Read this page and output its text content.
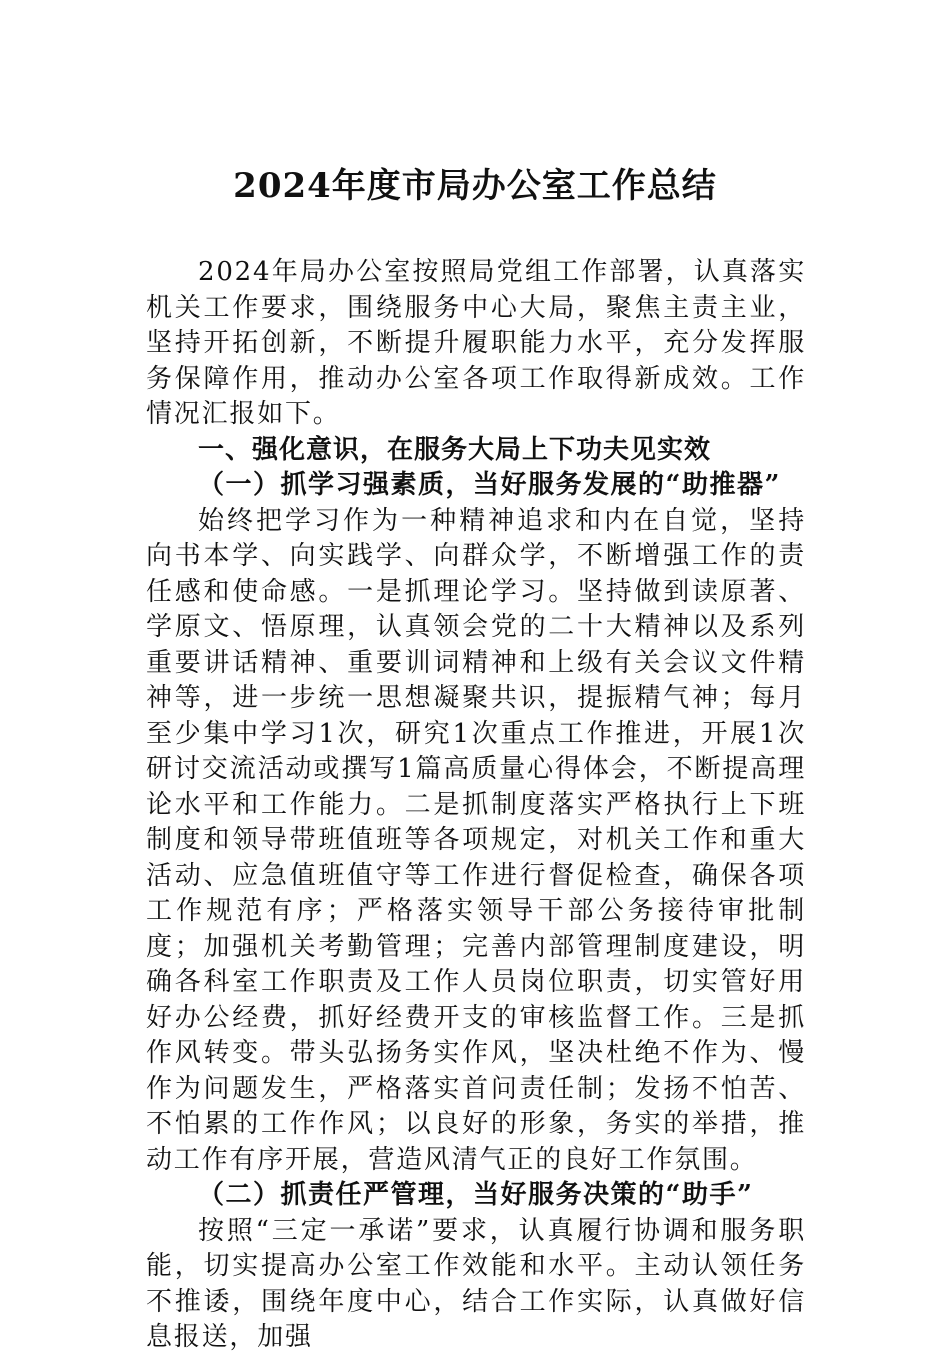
2024年度市局办公室工作总结

2024年局办公室按照局党组工作部署，认真落实机关工作要求，围绕服务中心大局，聚焦主责主业，坚持开拓创新，不断提升履职能力水平，充分发挥服务保障作用，推动办公室各项工作取得新成效。工作情况汇报如下。

一、强化意识，在服务大局上下功夫见实效

（一）抓学习强素质，当好服务发展的“助推器”

始终把学习作为一种精神追求和内在自觉，坚持向书本学、向实践学、向群众学，不断增强工作的责任感和使命感。一是抓理论学习。坚持做到读原著、学原文、悟原理，认真领会党的二十大精神以及系列重要讲话精神、重要训词精神和上级有关会议文件精神等，进一步统一思想凝聚共识，提振精气神；每月至少集中学习1次，研究1次重点工作推进，开展1次研讨交流活动或撰写1篇高质量心得体会，不断提高理论水平和工作能力。二是抓制度落实严格执行上下班制度和领导带班值班等各项规定，对机关工作和重大活动、应急值班值守等工作进行督促检查，确保各项工作规范有序；严格落实领导干部公务接待审批制度；加强机关考勤管理；完善内部管理制度建设，明确各科室工作职责及工作人员岗位职责，切实管好用好办公经费，抓好经费开支的审核监督工作。三是抓作风转变。带头弘扬务实作风，坚决杜绝不作为、慢作为问题发生，严格落实首问责任制；发扬不怕苦、不怕累的工作作风；以良好的形象，务实的举措，推动工作有序开展，营造风清气正的良好工作氛围。

（二）抓责任严管理，当好服务决策的“助手”

按照“三定一承诺”要求，认真履行协调和服务职能，切实提高办公室工作效能和水平。主动认领任务不推诿，围绕年度中心，结合工作实际，认真做好信息报送，加强
